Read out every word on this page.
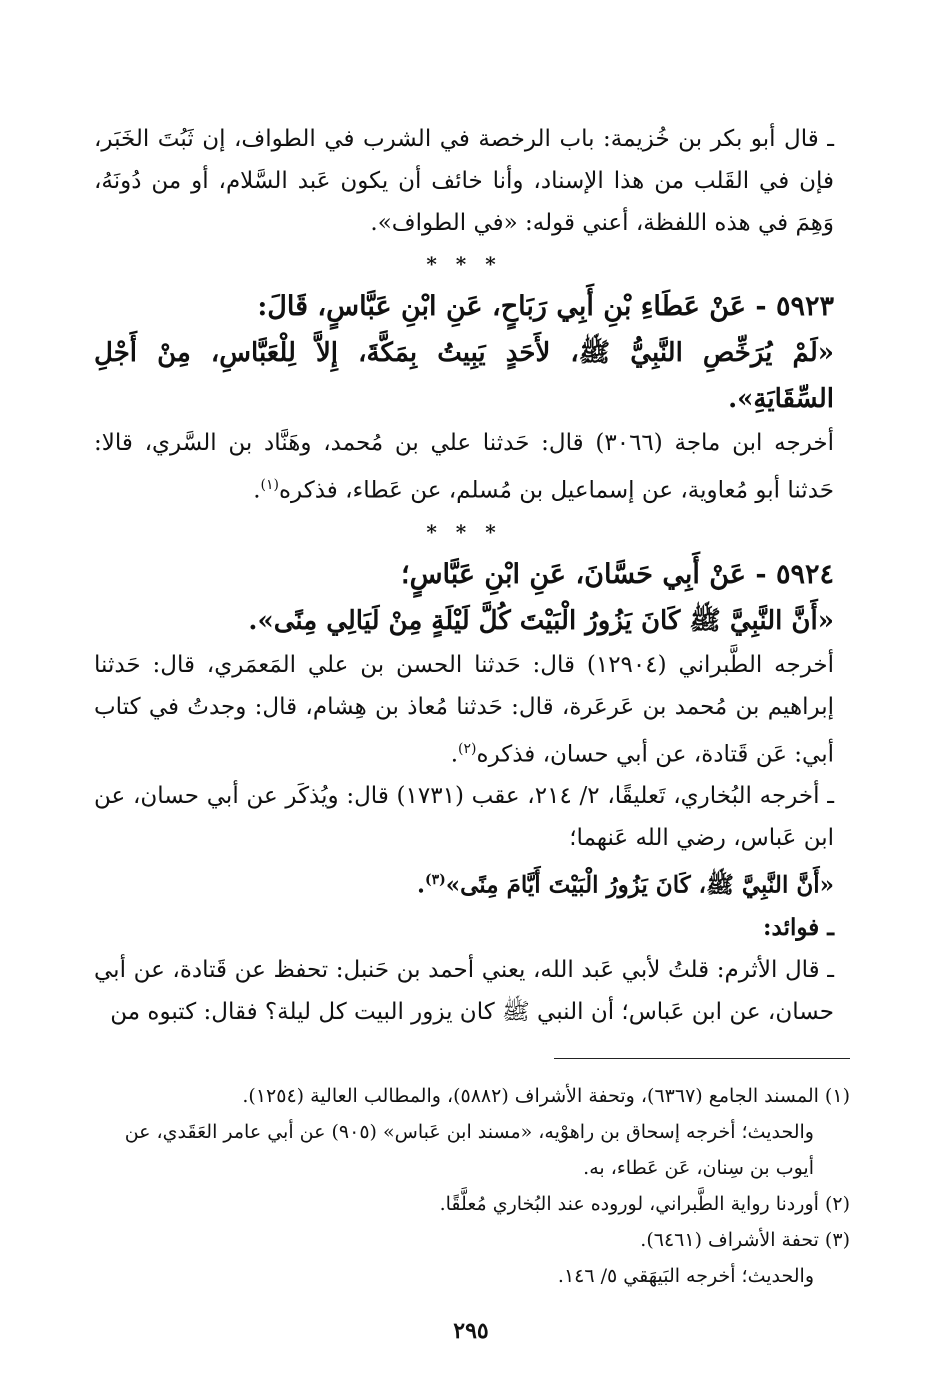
ـ قال أبو بكر بن خُزيمة: باب الرخصة في الشرب في الطواف، إن ثَبُتَ الخَبَر، فإن في القَلب من هذا الإسناد، وأنا خائف أن يكون عَبد السَّلام، أو من دُونَهُ، وَهِمَ في هذه اللفظة، أعني قوله: «في الطواف».

* * *

٥٩٢٣ - عَنْ عَطَاءِ بْنِ أَبِي رَبَاحٍ، عَنِ ابْنِ عَبَّاسٍ، قَالَ:

«لَمْ يُرَخِّصِ النَّبِيُّ ﷺ، لأَحَدٍ يَبِيتُ بِمَكَّةَ، إِلاَّ لِلْعَبَّاسِ، مِنْ أَجْلِ السِّقَايَةِ».

أخرجه ابن ماجة (٣٠٦٦) قال: حَدثنا علي بن مُحمد، وهَنَّاد بن السَّري، قالا: حَدثنا أبو مُعاوية، عن إسماعيل بن مُسلم، عن عَطاء، فذكره$^{(١)}$.

* * *

٥٩٢٤ - عَنْ أَبِي حَسَّانَ، عَنِ ابْنِ عَبَّاسٍ؛

«أَنَّ النَّبِيَّ ﷺ كَانَ يَزُورُ الْبَيْتَ كُلَّ لَيْلَةٍ مِنْ لَيَالِي مِنًى».

أخرجه الطَّبراني (١٢٩٠٤) قال: حَدثنا الحسن بن علي المَعمَري، قال: حَدثنا إبراهيم بن مُحمد بن عَرعَرة، قال: حَدثنا مُعاذ بن هِشام، قال: وجدتُ في كتاب أبي: عَن قَتادة، عن أبي حسان، فذكره$^{(٢)}$.

ـ أخرجه البُخاري، تَعليقًا، ٢/ ٢١٤، عقب (١٧٣١) قال: ويُذكَر عن أبي حسان، عن ابن عَباس، رضي الله عَنهما؛

«أَنَّ النَّبِيَّ ﷺ، كَانَ يَزُورُ الْبَيْتَ أَيَّامَ مِنًى»$^{(٣)}$.

ـ فوائد:

ـ قال الأثرم: قلتُ لأبي عَبد الله، يعني أحمد بن حَنبل: تحفظ عن قَتادة، عن أبي حسان، عن ابن عَباس؛ أن النبي ﷺ كان يزور البيت كل ليلة؟ فقال: كتبوه من

(١) المسند الجامع (٦٣٦٧)، وتحفة الأشراف (٥٨٨٢)، والمطالب العالية (١٢٥٤).

والحديث؛ أخرجه إسحاق بن راهوْيه، «مسند ابن عَباس» (٩٠٥) عن أبي عامر العَقَدي، عن أيوب بن سِنان، عَن عَطاء، به.

(٢) أوردنا رواية الطَّبراني، لوروده عند البُخاري مُعلَّقًا.

(٣) تحفة الأشراف (٦٤٦١).

والحديث؛ أخرجه البَيهَقي ٥/ ١٤٦.

٢٩٥
